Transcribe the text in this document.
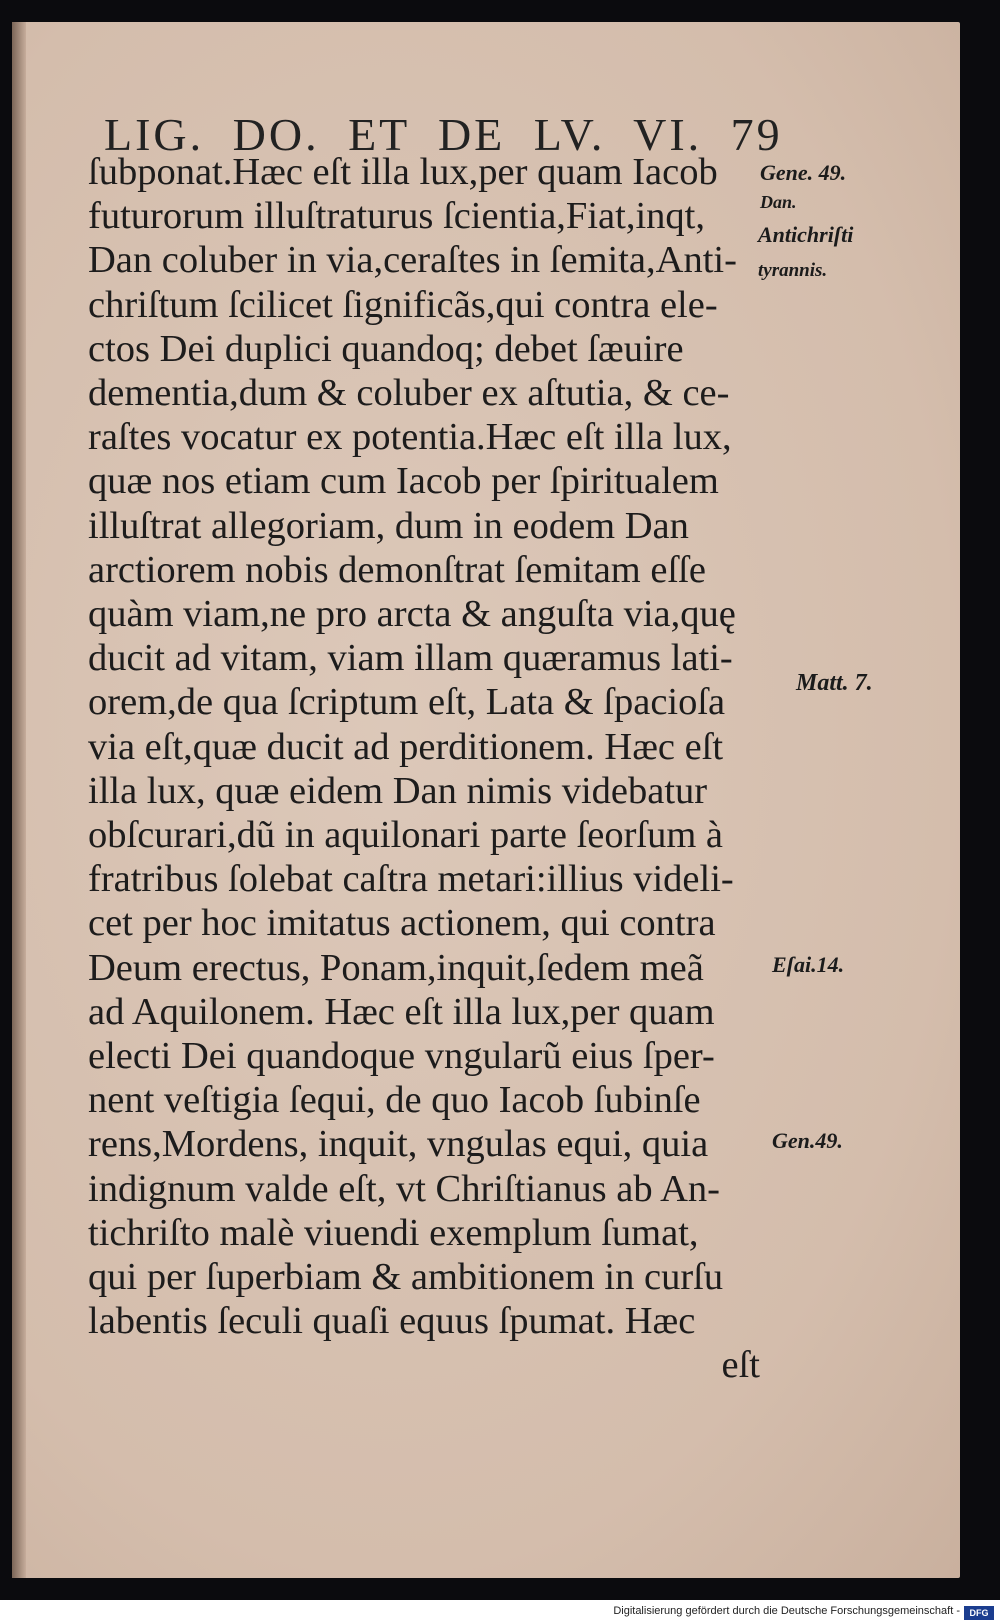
LIG. DO. ET DE LV. VI. 79
ſubponat.Hæc eſt illa lux,per quam Iacob
futurorum illuſtraturus ſcientia,Fiat,inqt,
Dan coluber in via,ceraſtes in ſemita,Anti-
chriſtum ſcilicet ſignificãs,qui contra ele-
ctos Dei duplici quandoq; debet ſæuire
dementia,dum & coluber ex aſtutia, & ce-
raſtes vocatur ex potentia.Hæc eſt illa lux,
quæ nos etiam cum Iacob per ſpiritualem
illuſtrat allegoriam, dum in eodem Dan
arctiorem nobis demonſtrat ſemitam eſſe
quàm viam,ne pro arcta & anguſta via,quę
ducit ad vitam, viam illam quæramus lati-
orem,de qua ſcriptum eſt, Lata & ſpacioſa
via eſt,quæ ducit ad perditionem. Hæc eſt
illa lux, quæ eidem Dan nimis videbatur
obſcurari,dũ in aquilonari parte ſeorſum à
fratribus ſolebat caſtra metari:illius videli-
cet per hoc imitatus actionem, qui contra
Deum erectus, Ponam,inquit,ſedem meã
ad Aquilonem. Hæc eſt illa lux,per quam
electi Dei quandoque vngularũ eius ſper-
nent veſtigia ſequi, de quo Iacob ſubinſe
rens,Mordens, inquit, vngulas equi, quia
indignum valde eſt, vt Chriſtianus ab An-
tichriſto malè viuendi exemplum ſumat,
qui per ſuperbiam & ambitionem in curſu
labentis ſeculi quaſi equus ſpumat. Hæc
eſt
Gene. 49.
Dan.
Antichriſti
tyrannis.
Matt. 7.
Eſai.14.
Gen.49.
Digitalisierung gefördert durch die Deutsche Forschungsgemeinschaft -	DFG
